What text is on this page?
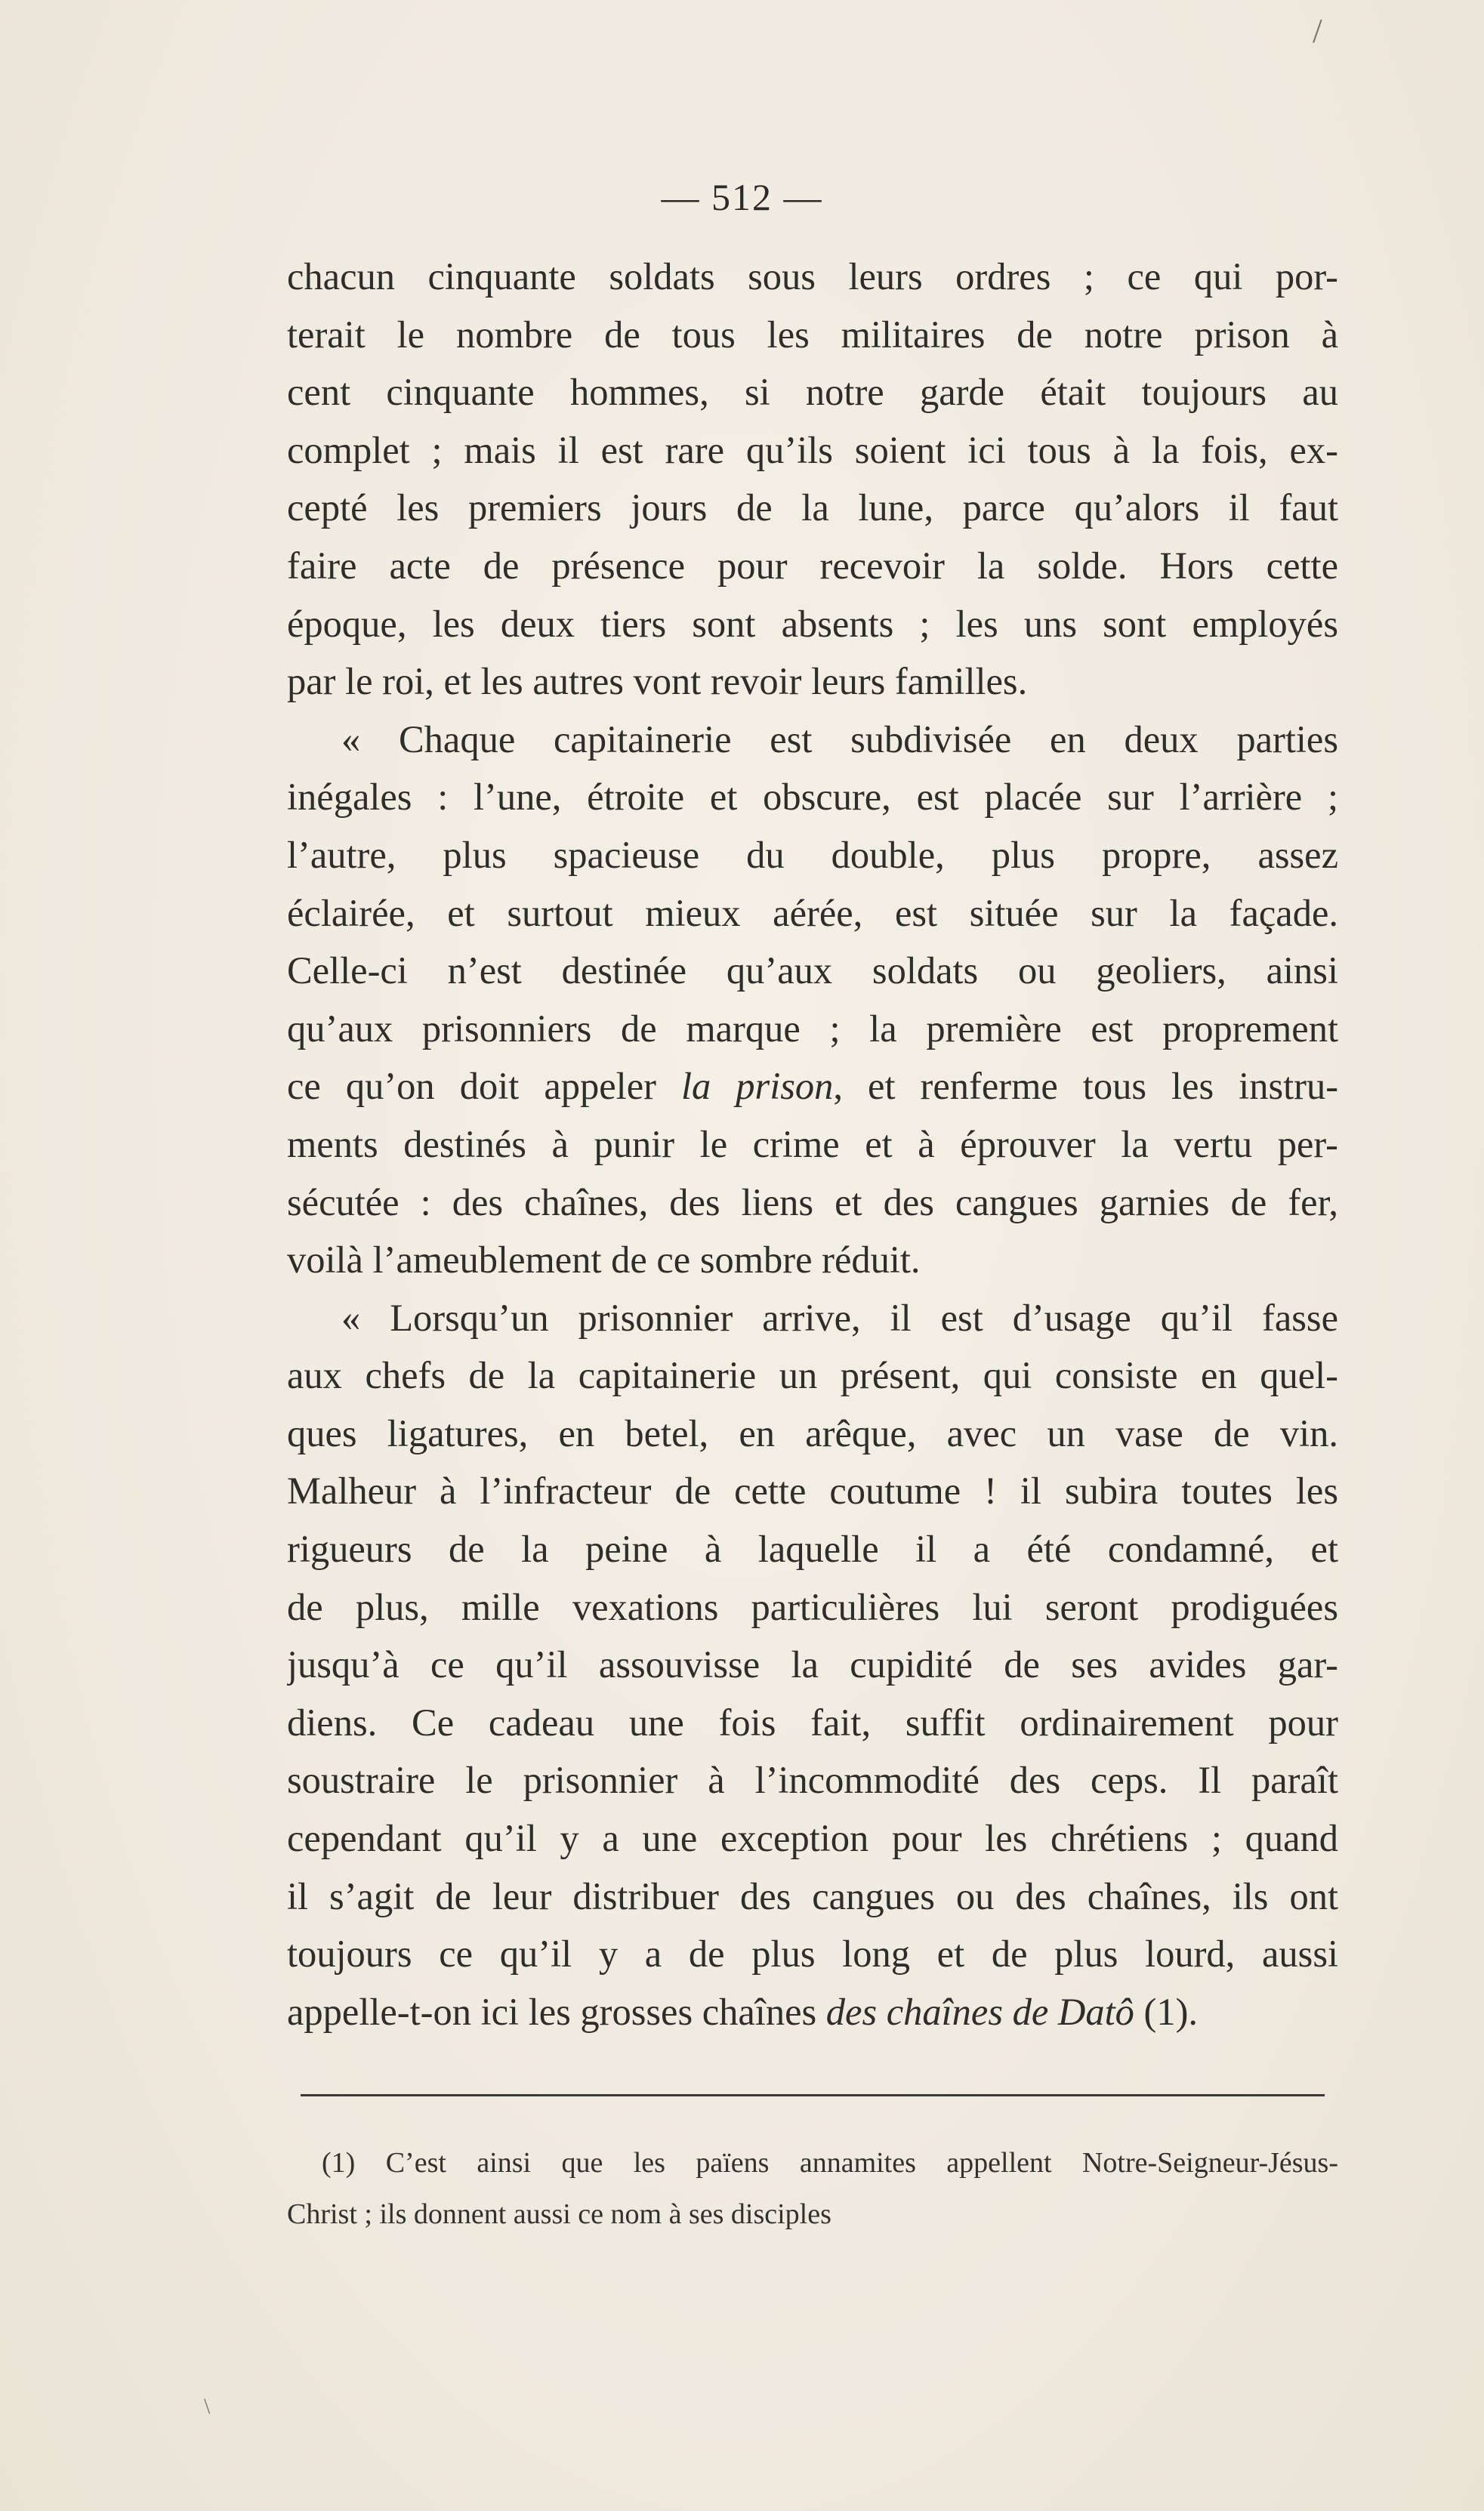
/
— 512 —
chacun cinquante soldats sous leurs ordres ; ce qui por-
terait le nombre de tous les militaires de notre prison à
cent cinquante hommes, si notre garde était toujours au
complet ; mais il est rare qu’ils soient ici tous à la fois, ex-
cepté les premiers jours de la lune, parce qu’alors il faut
faire acte de présence pour recevoir la solde. Hors cette
époque, les deux tiers sont absents ; les uns sont employés
par le roi, et les autres vont revoir leurs familles.
« Chaque capitainerie est subdivisée en deux parties
inégales : l’une, étroite et obscure, est placée sur l’arrière ;
l’autre, plus spacieuse du double, plus propre, assez
éclairée, et surtout mieux aérée, est située sur la façade.
Celle-ci n’est destinée qu’aux soldats ou geoliers, ainsi
qu’aux prisonniers de marque ; la première est proprement
ce qu’on doit appeler la prison, et renferme tous les instru-
ments destinés à punir le crime et à éprouver la vertu per-
sécutée : des chaînes, des liens et des cangues garnies de fer,
voilà l’ameublement de ce sombre réduit.
« Lorsqu’un prisonnier arrive, il est d’usage qu’il fasse
aux chefs de la capitainerie un présent, qui consiste en quel-
ques ligatures, en betel, en arêque, avec un vase de vin.
Malheur à l’infracteur de cette coutume ! il subira toutes les
rigueurs de la peine à laquelle il a été condamné, et
de plus, mille vexations particulières lui seront prodiguées
jusqu’à ce qu’il assouvisse la cupidité de ses avides gar-
diens. Ce cadeau une fois fait, suffit ordinairement pour
soustraire le prisonnier à l’incommodité des ceps. Il paraît
cependant qu’il y a une exception pour les chrétiens ; quand
il s’agit de leur distribuer des cangues ou des chaînes, ils ont
toujours ce qu’il y a de plus long et de plus lourd, aussi
appelle-t-on ici les grosses chaînes des chaînes de Datô (1).
(1) C’est ainsi que les païens annamites appellent Notre-Seigneur-Jésus-
Christ ; ils donnent aussi ce nom à ses disciples
\
